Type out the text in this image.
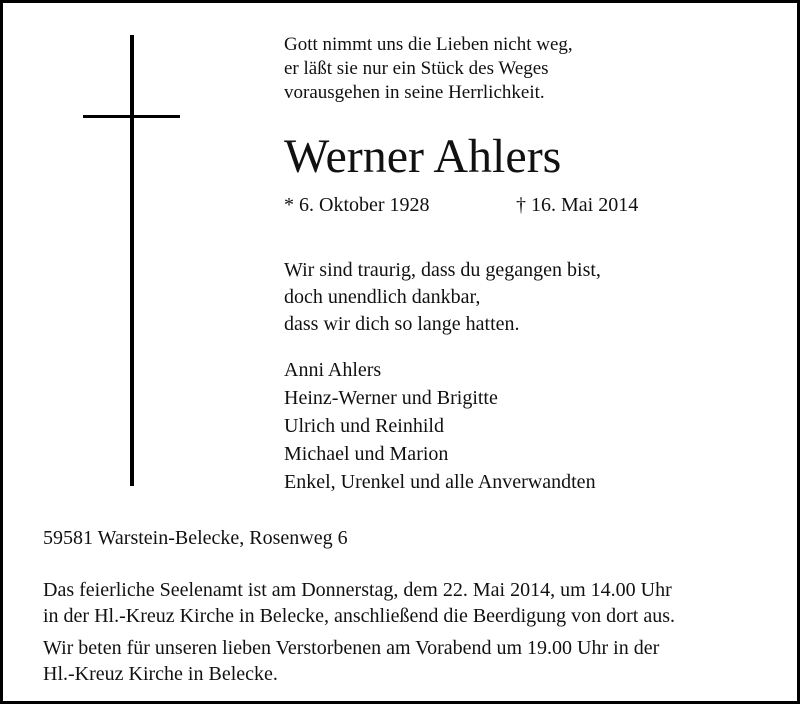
Gott nimmt uns die Lieben nicht weg,
er läßt sie nur ein Stück des Weges
vorausgehen in seine Herrlichkeit.
Werner Ahlers
* 6. Oktober 1928	† 16. Mai 2014
Wir sind traurig, dass du gegangen bist,
doch unendlich dankbar,
dass wir dich so lange hatten.
Anni Ahlers
Heinz-Werner und Brigitte
Ulrich und Reinhild
Michael und Marion
Enkel, Urenkel und alle Anverwandten
59581 Warstein-Belecke, Rosenweg 6
Das feierliche Seelenamt ist am Donnerstag, dem 22. Mai 2014, um 14.00 Uhr
in der Hl.-Kreuz Kirche in Belecke, anschließend die Beerdigung von dort aus.
Wir beten für unseren lieben Verstorbenen am Vorabend um 19.00 Uhr in der
Hl.-Kreuz Kirche in Belecke.
